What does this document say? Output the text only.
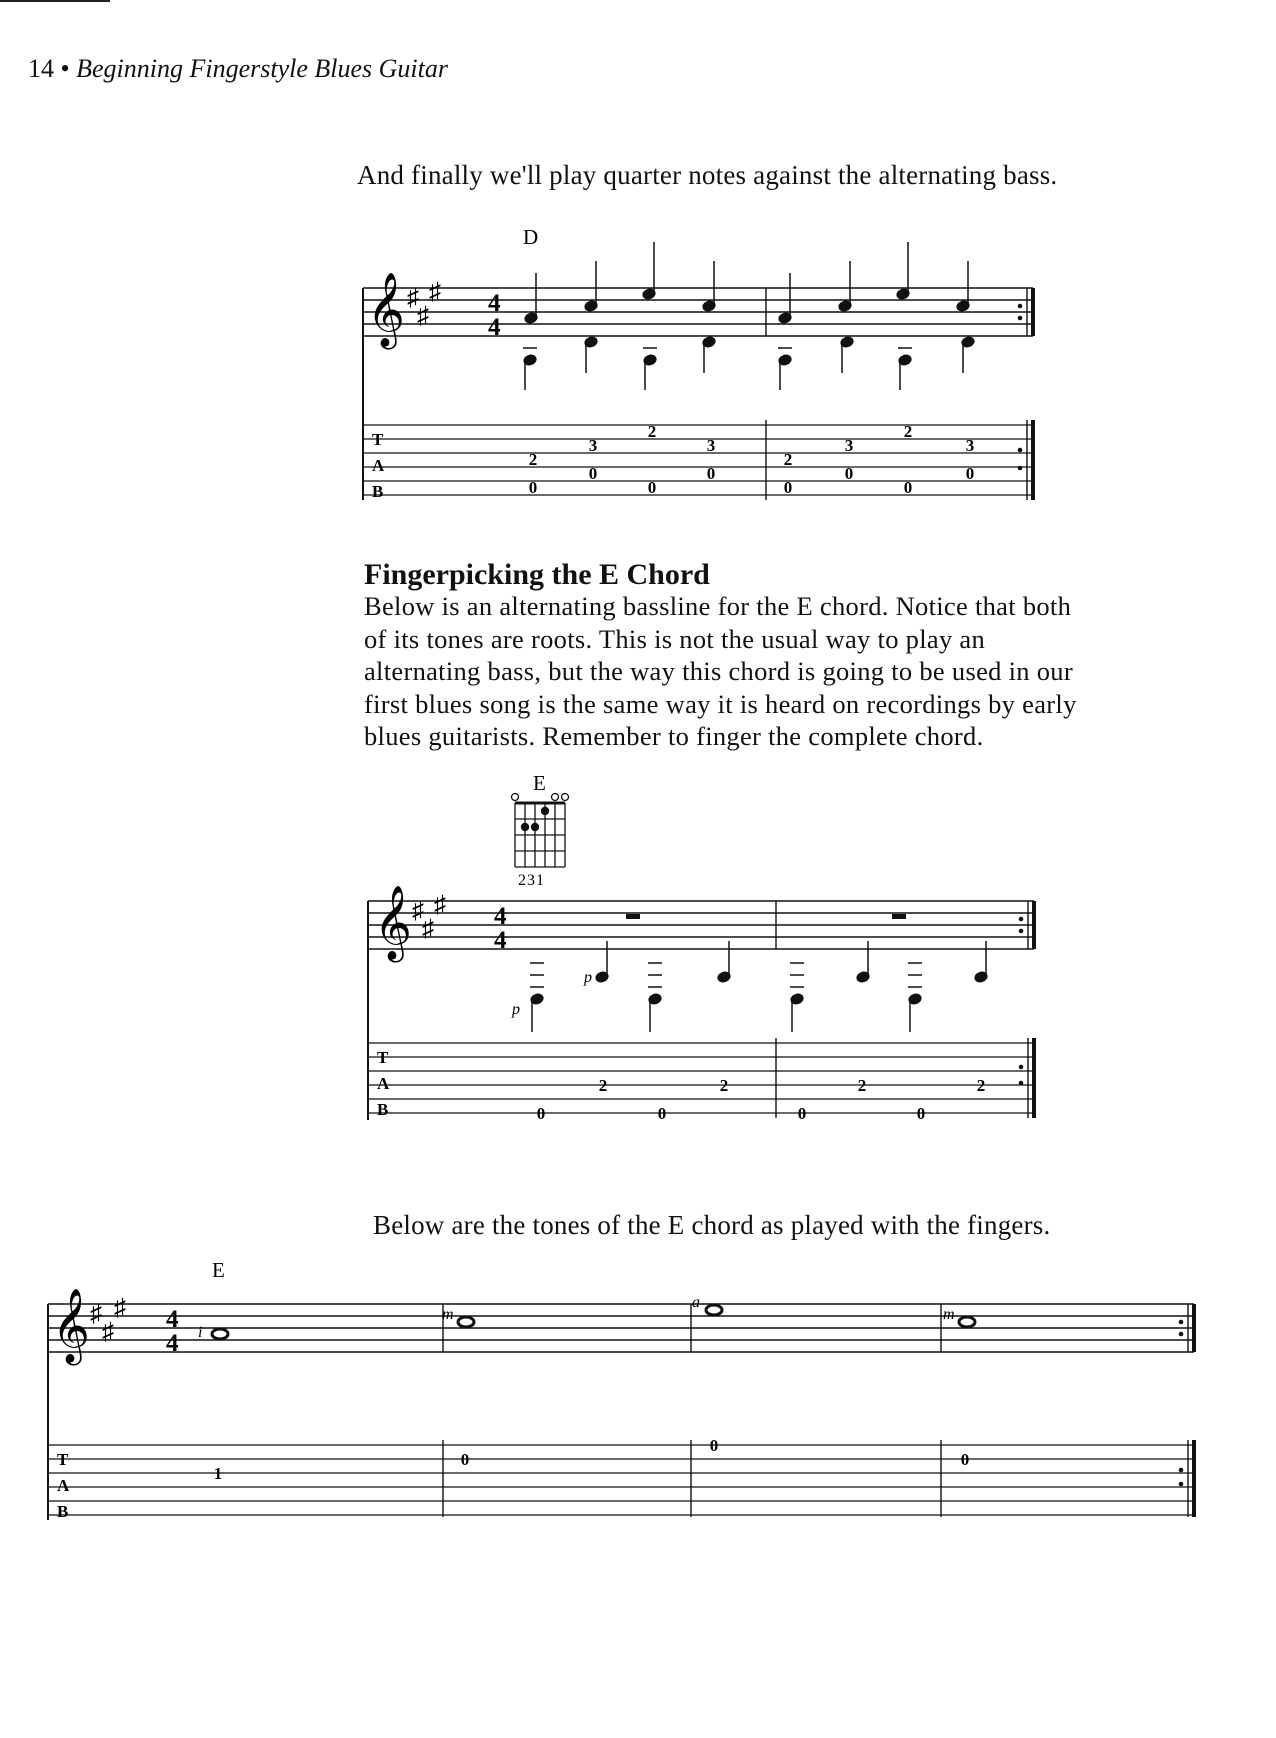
14 • Beginning Fingerstyle Blues Guitar
And finally we'll play quarter notes against the alternating bass.
D
𝄞 ♯
♯
♯ 4
4
T
A
B
2
0
3
0
2
0
3
0
2
0
3
0
2
0
3
0
Fingerpicking the E Chord
Below is an alternating bassline for the E chord. Notice that both
of its tones are roots. This is not the usual way to play an
alternating bass, but the way this chord is going to be used in our
first blues song is the same way it is heard on recordings by early
blues guitarists. Remember to finger the complete chord.
E
231
𝄞 ♯
♯
♯ 4
4
p
p
T
A
B	0
2
0
2
0
2
0
2
Below are the tones of the E chord as played with the fingers.
E
𝄞 ♯
♯
♯ 4
4 i
m
a
m
T
A
B
1
0
0
0
